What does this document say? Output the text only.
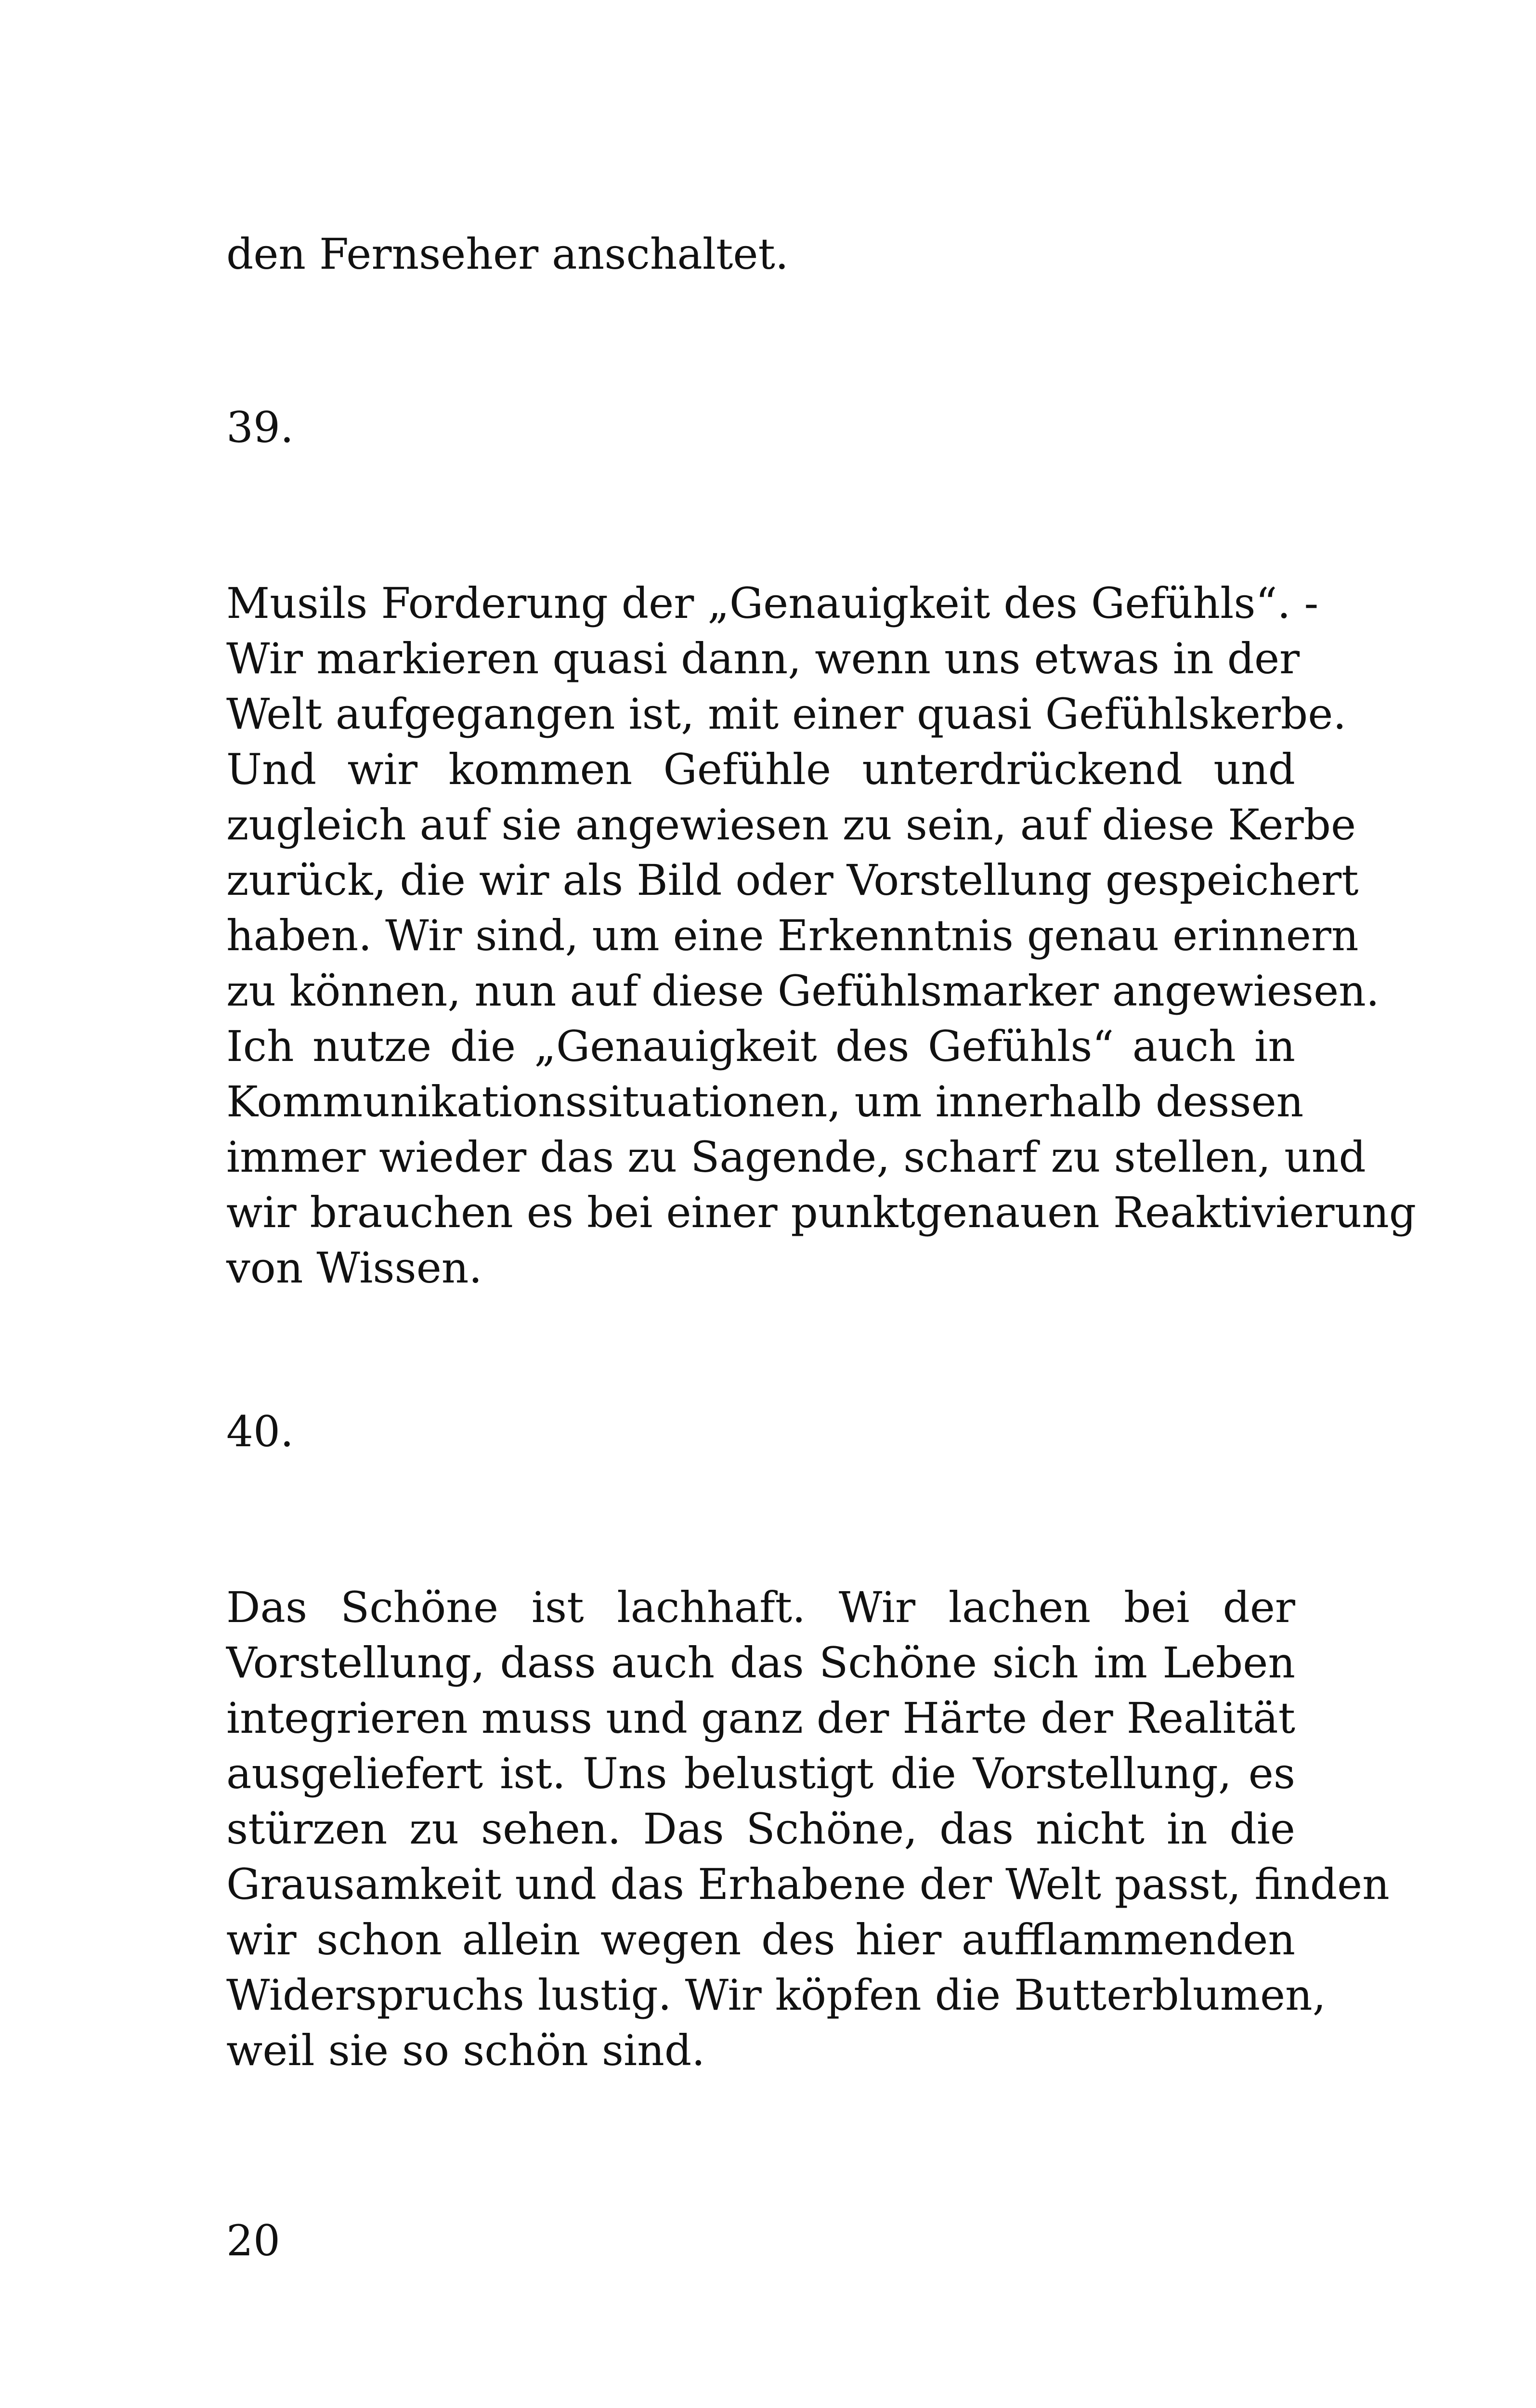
den Fernseher anschaltet.

39.

Musils Forderung der „Genauigkeit des Gefühls“. -
Wir markieren quasi dann, wenn uns etwas in der
Welt aufgegangen ist, mit einer quasi Gefühlskerbe.
Und wir kommen Gefühle unterdrückend und
zugleich auf sie angewiesen zu sein, auf diese Kerbe
zurück, die wir als Bild oder Vorstellung gespeichert
haben. Wir sind, um eine Erkenntnis genau erinnern
zu können, nun auf diese Gefühlsmarker angewiesen.
Ich nutze die „Genauigkeit des Gefühls“ auch in
Kommunikationssituationen, um innerhalb dessen
immer wieder das zu Sagende, scharf zu stellen, und
wir brauchen es bei einer punktgenauen Reaktivierung
von Wissen.

40.

Das Schöne ist lachhaft. Wir lachen bei der
Vorstellung, dass auch das Schöne sich im Leben
integrieren muss und ganz der Härte der Realität
ausgeliefert ist. Uns belustigt die Vorstellung, es
stürzen zu sehen. Das Schöne, das nicht in die
Grausamkeit und das Erhabene der Welt passt, finden
wir schon allein wegen des hier aufflammenden
Widerspruchs lustig. Wir köpfen die Butterblumen,
weil sie so schön sind.

20
